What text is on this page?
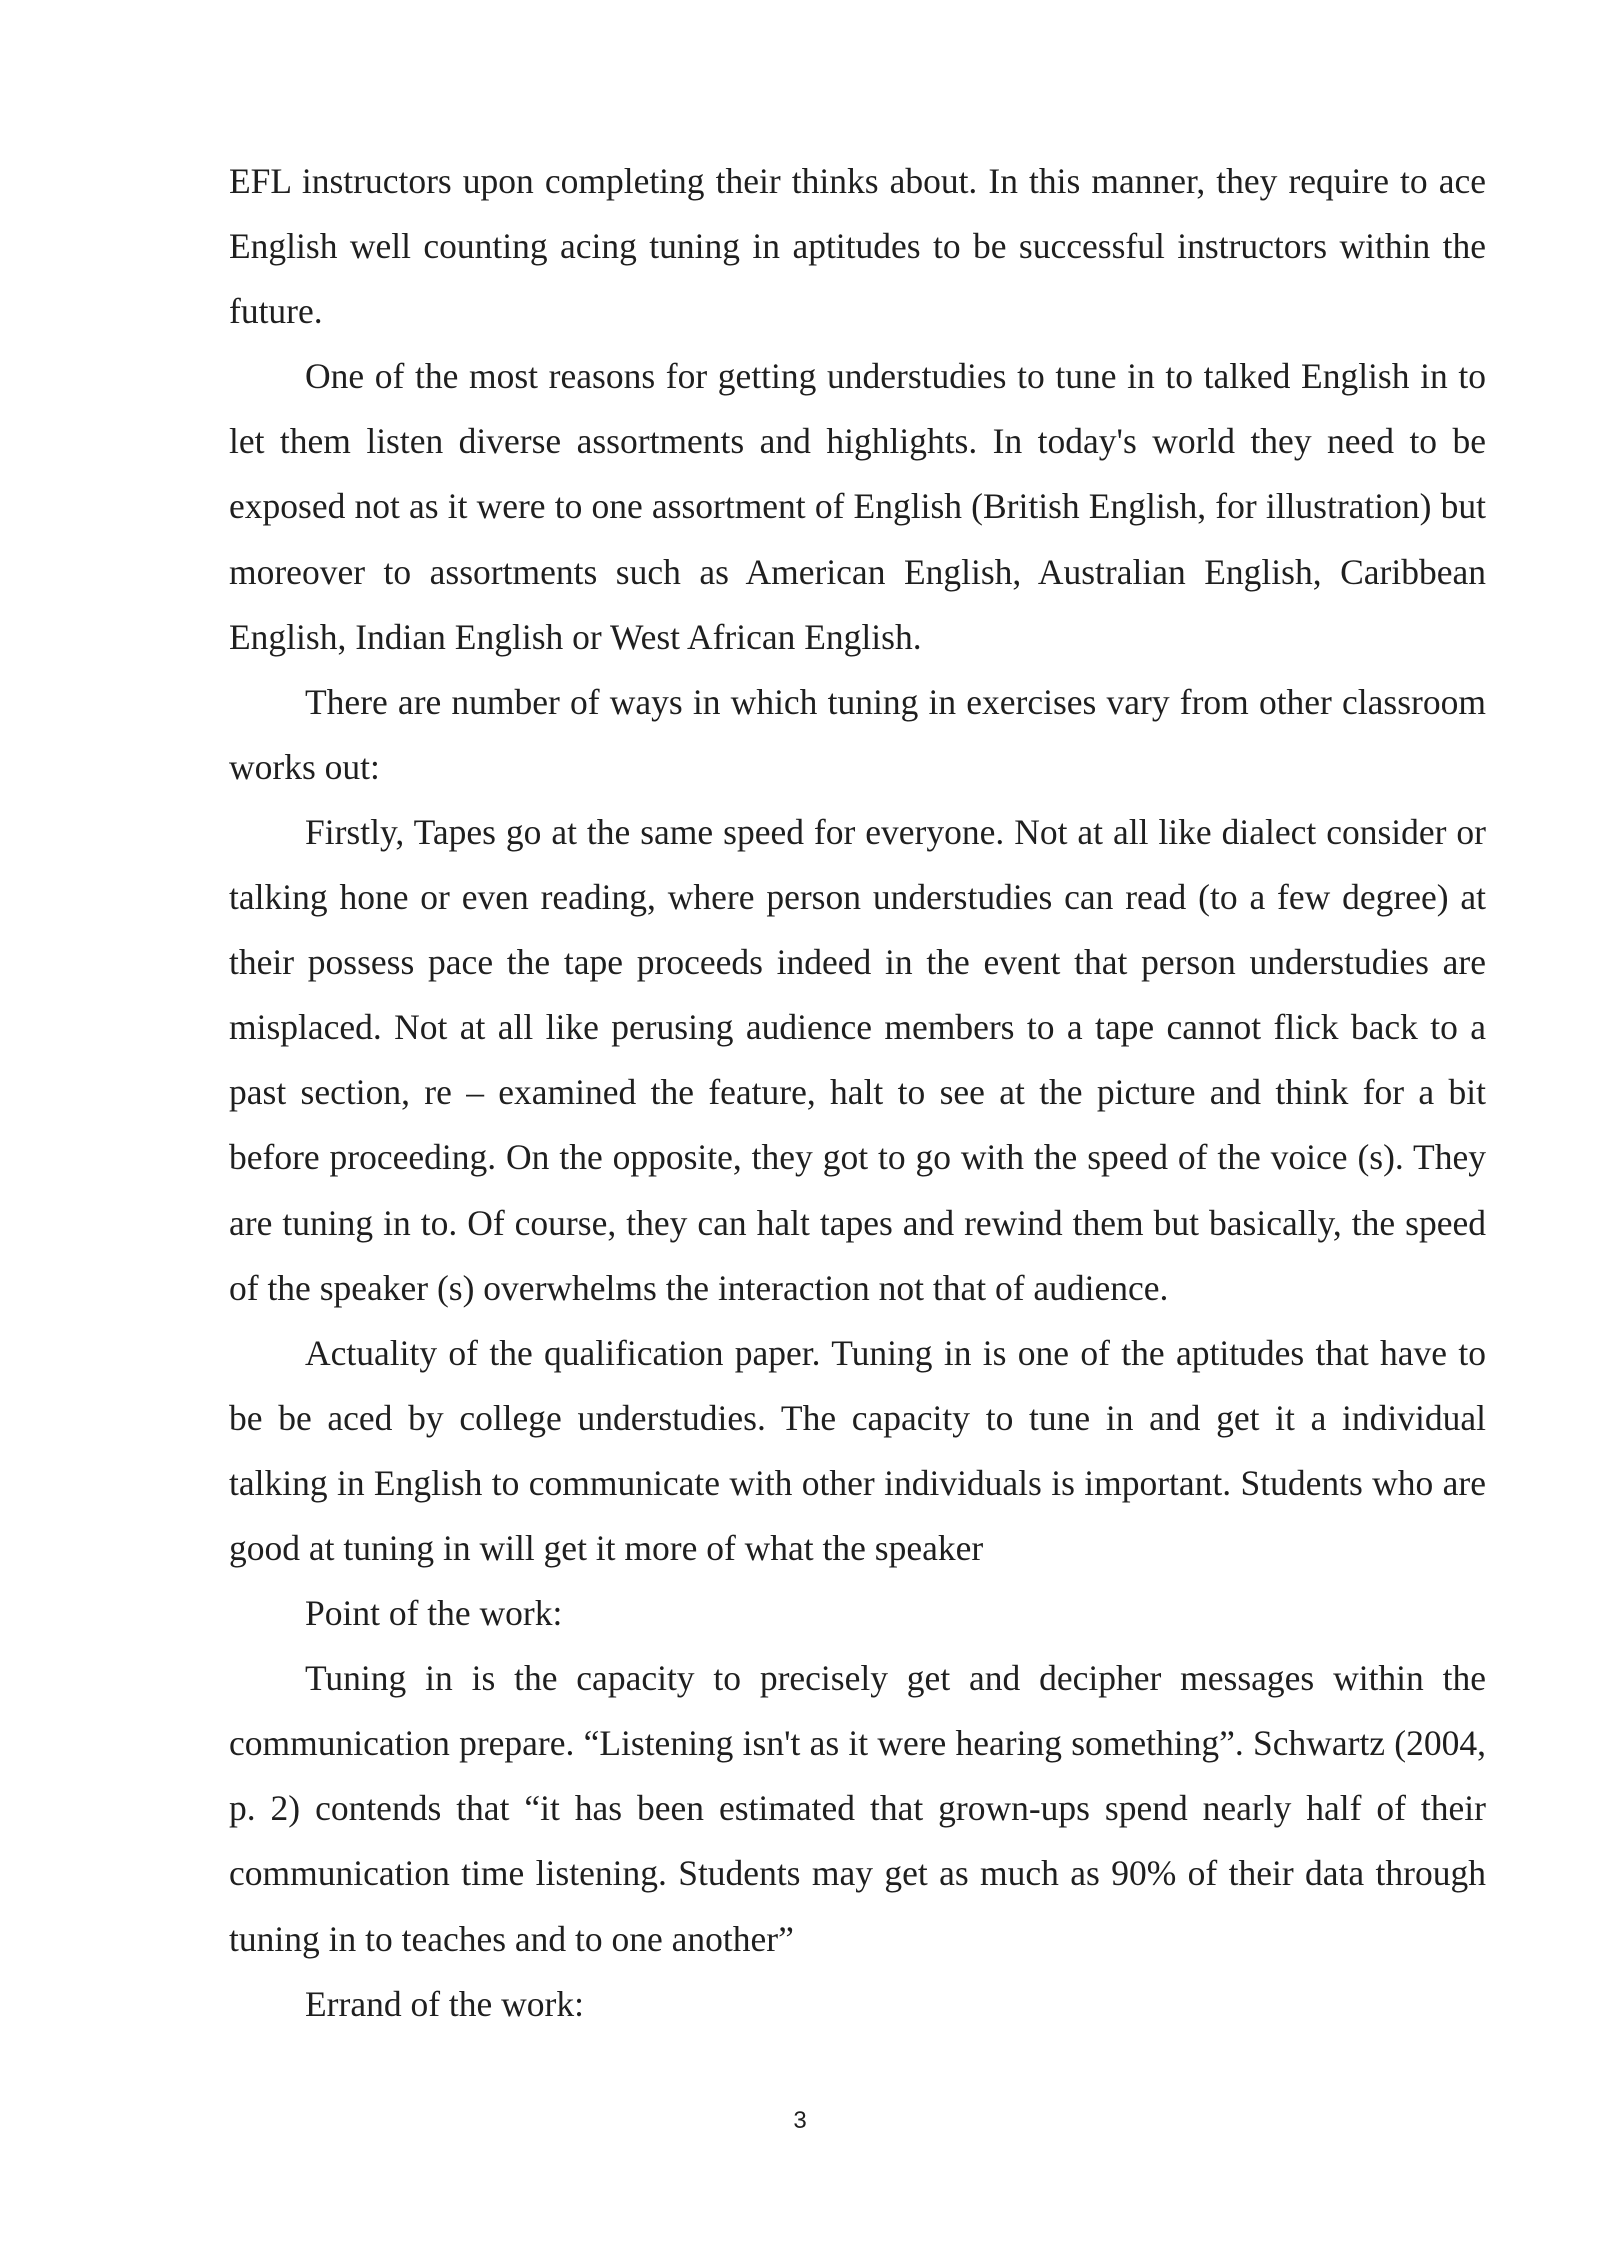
EFL instructors upon completing their thinks about. In this manner, they require to ace English well counting acing tuning in aptitudes to be successful instructors within the future.

One of the most reasons for getting understudies to tune in to talked English in to let them listen diverse assortments and highlights. In today's world they need to be exposed not as it were to one assortment of English (British English, for illustration) but moreover to assortments such as American English, Australian English, Caribbean English, Indian English or West African English.

There are number of ways in which tuning in exercises vary from other classroom works out:

Firstly, Tapes go at the same speed for everyone. Not at all like dialect consider or talking hone or even reading, where person understudies can read (to a few degree) at their possess pace the tape proceeds indeed in the event that person understudies are misplaced. Not at all like perusing audience members to a tape cannot flick back to a past section, re – examined the feature, halt to see at the picture and think for a bit before proceeding. On the opposite, they got to go with the speed of the voice (s). They are tuning in to. Of course, they can halt tapes and rewind them but basically, the speed of the speaker (s) overwhelms the interaction not that of audience.

Actuality of the qualification paper. Tuning in is one of the aptitudes that have to be be aced by college understudies. The capacity to tune in and get it a individual talking in English to communicate with other individuals is important. Students who are good at tuning in will get it more of what the speaker

Point of the work:

Tuning in is the capacity to precisely get and decipher messages within the communication prepare. “Listening isn't as it were hearing something”. Schwartz (2004, p. 2) contends that “it has been estimated that grown-ups spend nearly half of their communication time listening. Students may get as much as 90% of their data through tuning in to teaches and to one another”

Errand of the work:

3
